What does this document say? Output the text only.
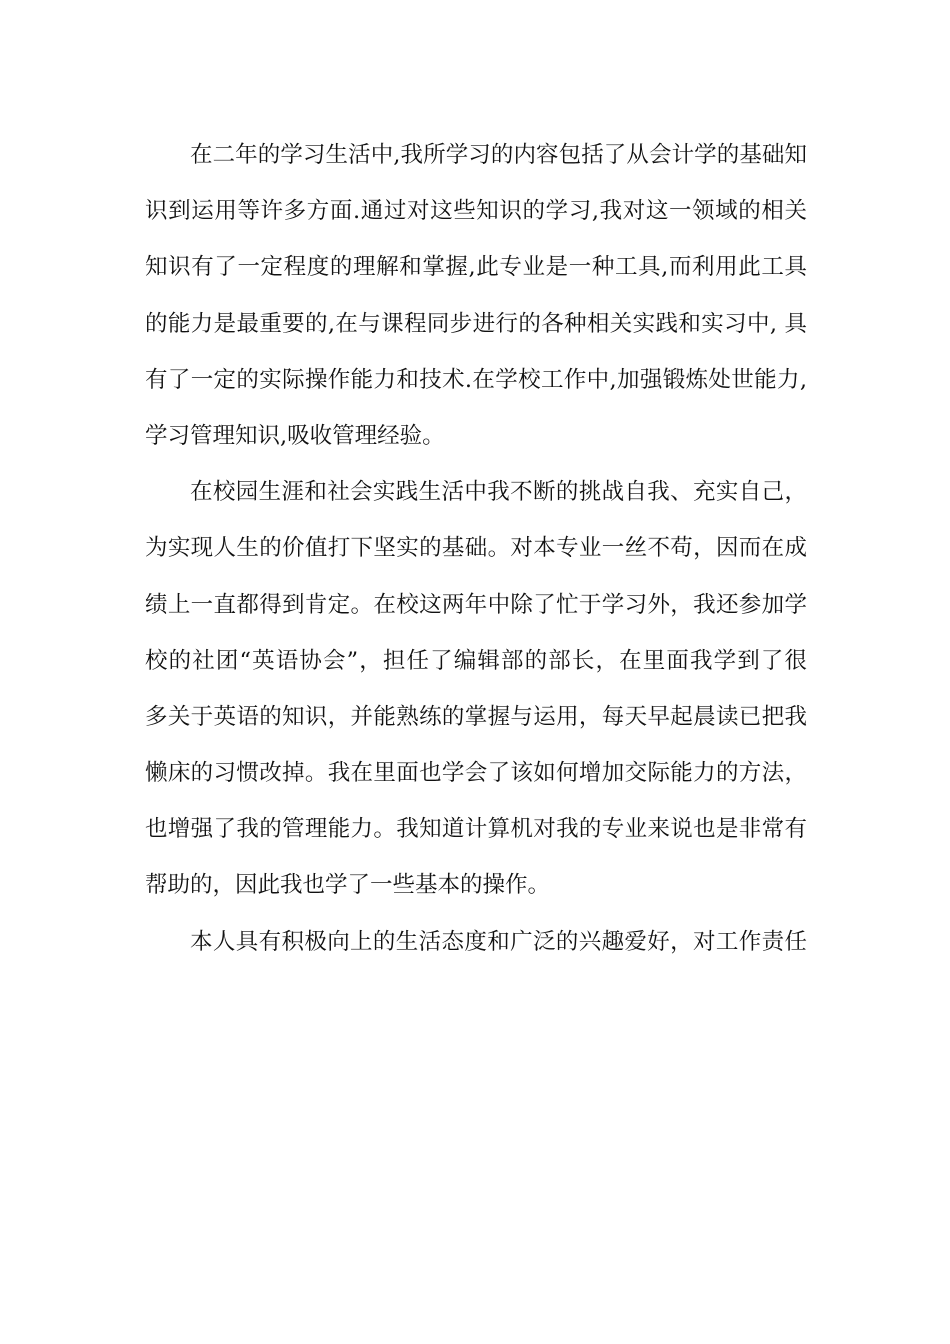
在二年的学习生活中,我所学习的内容包括了从会计学的基础知
识到运用等许多方面.通过对这些知识的学习,我对这一领域的相关
知识有了一定程度的理解和掌握,此专业是一种工具,而利用此工具
的能力是最重要的,在与课程同步进行的各种相关实践和实习中, 具
有了一定的实际操作能力和技术.在学校工作中,加强锻炼处世能力,
学习管理知识,吸收管理经验。
在校园生涯和社会实践生活中我不断的挑战自我、充实自己，
为实现人生的价值打下坚实的基础。对本专业一丝不苟，因而在成
绩上一直都得到肯定。在校这两年中除了忙于学习外，我还参加学
校的社团“英语协会”，担任了编辑部的部长，在里面我学到了很
多关于英语的知识，并能熟练的掌握与运用，每天早起晨读已把我
懒床的习惯改掉。我在里面也学会了该如何增加交际能力的方法，
也增强了我的管理能力。我知道计算机对我的专业来说也是非常有
帮助的，因此我也学了一些基本的操作。
本人具有积极向上的生活态度和广泛的兴趣爱好，对工作责任
